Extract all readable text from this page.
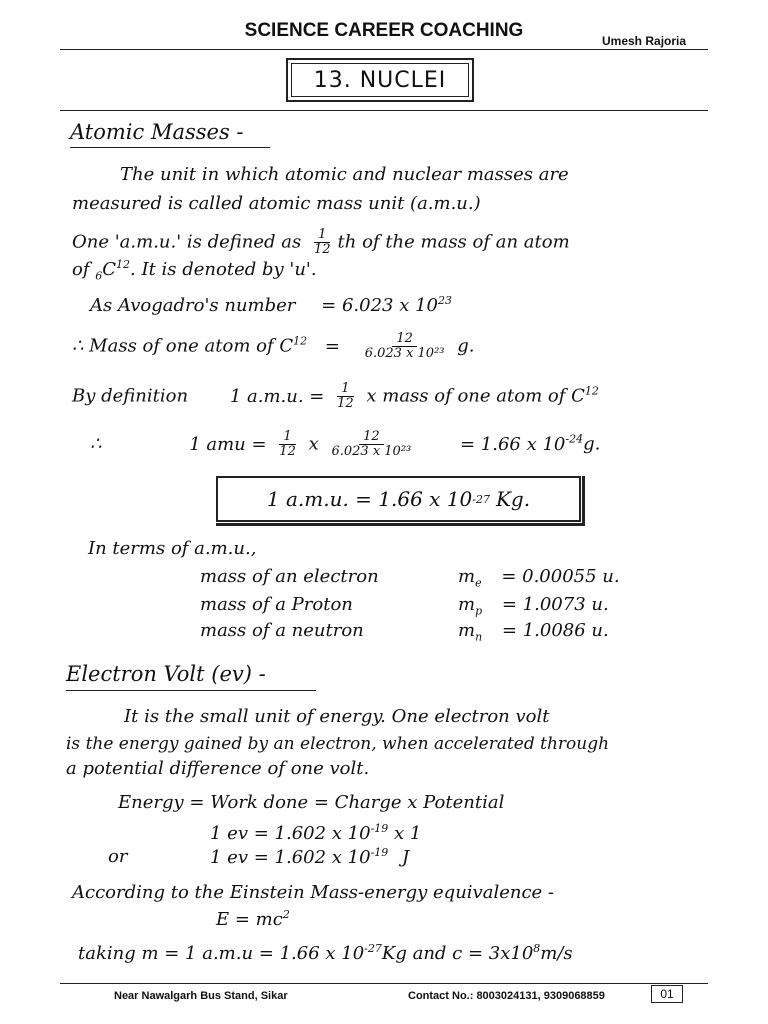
SCIENCE CAREER COACHING	Umesh Rajoria
13. NUCLEI
Atomic Masses -
The unit in which atomic and nuclear masses are
measured is called atomic mass unit (a.m.u.)
One 'a.m.u.' is defined as $\frac{1}{12}$ th of the mass of an atom
of $_6C^{12}$. It is denoted by 'u'.
As Avogadro's number = 6.023 x $10^{23}$
∴ Mass of one atom of $C^{12} = \frac{12}{\text{6.023 x 10²³}} g$.
By definition 1 a.m.u. = $\frac{1}{12}$ x mass of one atom of $C^{12}$
∴	1 amu = $\frac{1}{12}$ x $\frac{12}{\text{6.023 x 10²³}} = 1.66$ x $10^{-24}g$.
1 a.m.u. = 1.66 x 10 -27 Kg.
In terms of a.m.u.,
mass of an electron	$m_e = 0.00055$ u.
mass of a Proton	$m_p = 1.0073$ u.
mass of a neutron	$m_n = 1.0086$ u.
Electron Volt (ev) -
It is the small unit of energy. One electron volt
is the energy gained by an electron, when accelerated through
a potential difference of one volt.
Energy = Work done = Charge x Potential
1 ev = 1.602 x $10^{-19}$ x 1
or	1 ev = 1.602 x $10^{-19}$ J
According to the Einstein Mass-energy equivalence -
$E = mc^2$
taking m = 1 a.m.u = 1.66 x $10^{-27}Kg$ and $c = 3x10^8m/s$
Near Nawalgarh Bus Stand, Sikar	Contact No.: 8003024131, 9309068859	01
